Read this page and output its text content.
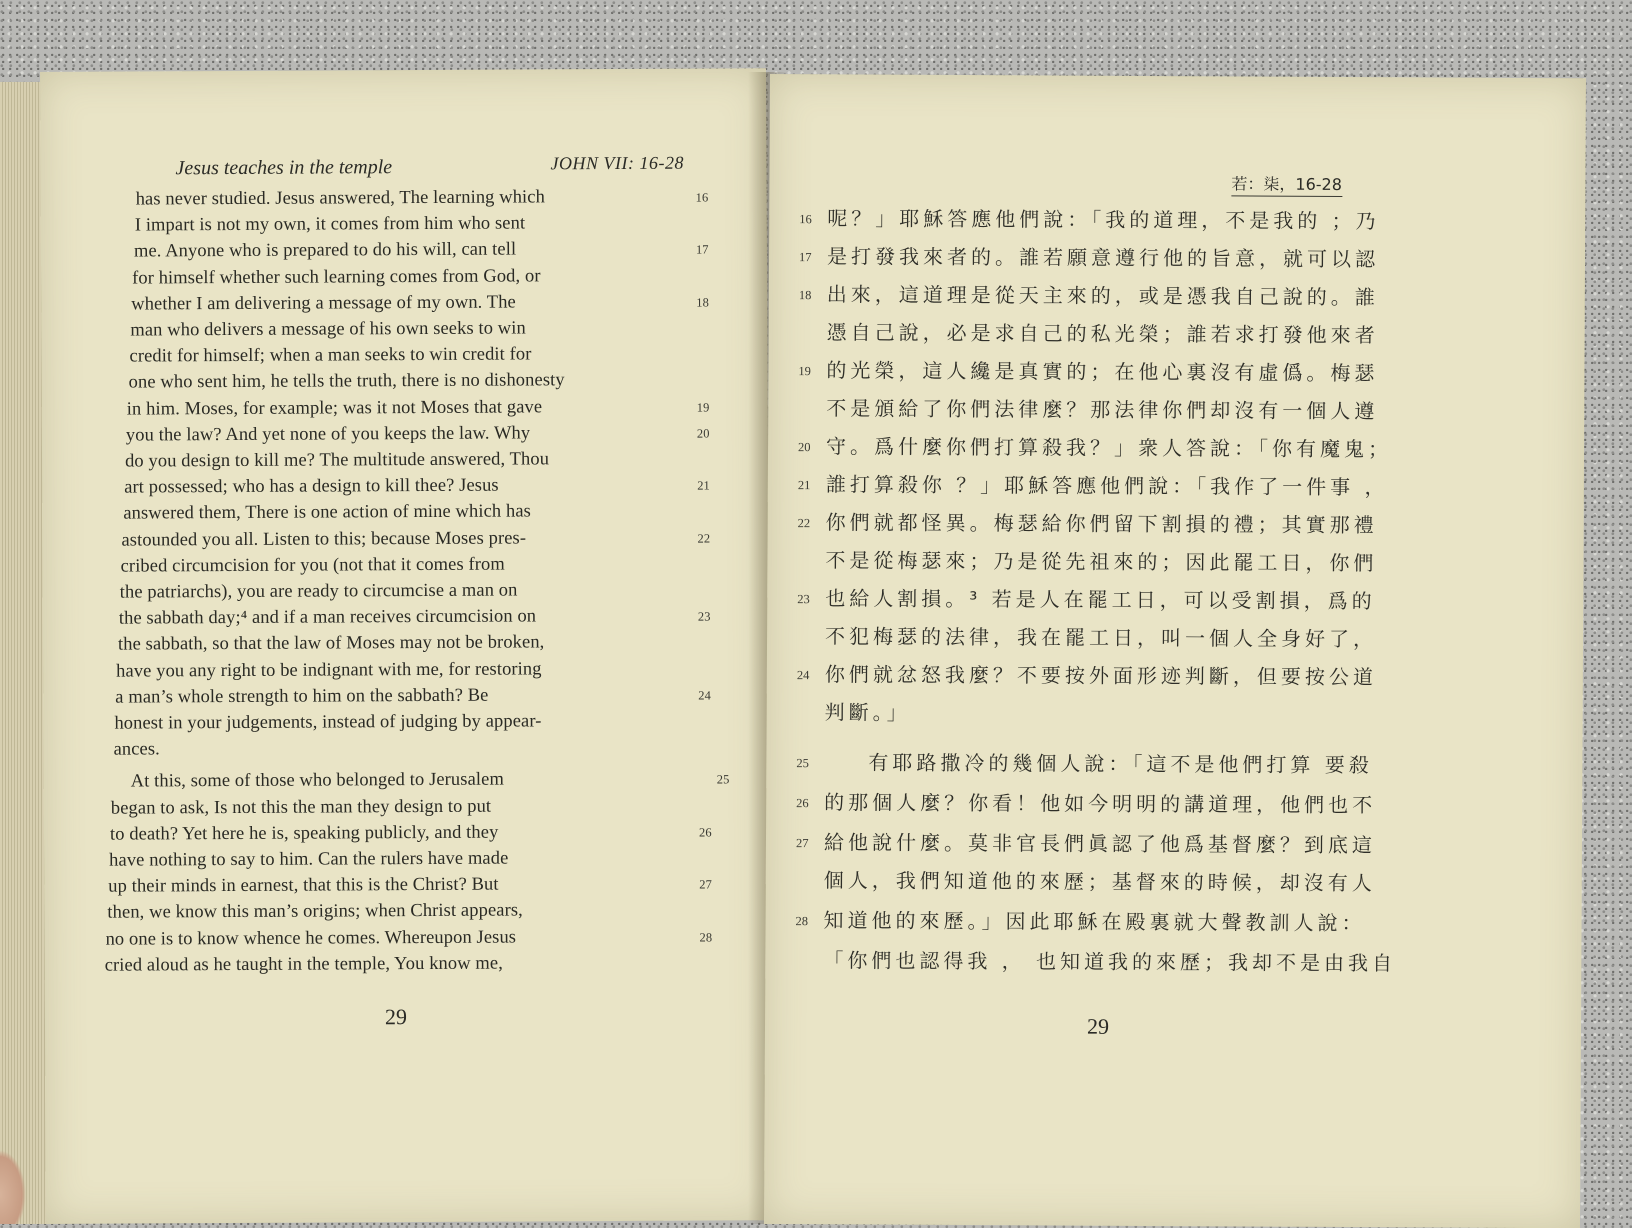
Jesus teaches in the temple	JOHN VII: 16-28
has never studied. Jesus answered, The learning which	16
I impart is not my own, it comes from him who sent
me. Anyone who is prepared to do his will, can tell	17
for himself whether such learning comes from God, or
whether I am delivering a message of my own. The	18
man who delivers a message of his own seeks to win
credit for himself; when a man seeks to win credit for
one who sent him, he tells the truth, there is no dishonesty
in him. Moses, for example; was it not Moses that gave	19
you the law? And yet none of you keeps the law. Why	20
do you design to kill me? The multitude answered, Thou
art possessed; who has a design to kill thee? Jesus	21
answered them, There is one action of mine which has
astounded you all. Listen to this; because Moses pres-	22
cribed circumcision for you (not that it comes from
the patriarchs), you are ready to circumcise a man on
the sabbath day;⁴ and if a man receives circumcision on	23
the sabbath, so that the law of Moses may not be broken,
have you any right to be indignant with me, for restoring
a man’s whole strength to him on the sabbath? Be	24
honest in your judgements, instead of judging by appear-
ances.
At this, some of those who belonged to Jerusalem	25
began to ask, Is not this the man they design to put
to death? Yet here he is, speaking publicly, and they	26
have nothing to say to him. Can the rulers have made
up their minds in earnest, that this is the Christ? But	27
then, we know this man’s origins; when Christ appears,
no one is to know whence he comes. Whereupon Jesus	28
cried aloud as he taught in the temple, You know me,
29
若：柒，16-28
16 呢？」耶穌答應他們說：「我的道理，不是我的 ；乃
17 是打發我來者的。誰若願意遵行他的旨意，就可以認
18 出來，這道理是從天主來的，或是憑我自己說的。誰
憑自己說，必是求自己的私光榮；誰若求打發他來者
19 的光榮，這人纔是真實的；在他心裏沒有虛僞。梅瑟
不是頒給了你們法律麼？那法律你們却沒有一個人遵
20 守。爲什麼你們打算殺我？」衆人答說：「你有魔鬼；
21 誰打算殺你 ？」耶穌答應他們說：「我作了一件事 ，
22 你們就都怪異。梅瑟給你們留下割損的禮；其實那禮
不是從梅瑟來；乃是從先祖來的；因此罷工日，你們
23 也給人割損。³ 若是人在罷工日，可以受割損，爲的
不犯梅瑟的法律，我在罷工日，叫一個人全身好了，
24 你們就忿怒我麼？不要按外面形迹判斷，但要按公道
判斷。」
25	有耶路撒冷的幾個人說：「這不是他們打算 要殺
26 的那個人麼？你看！他如今明明的講道理，他們也不
27 給他說什麼。莫非官長們眞認了他爲基督麼？到底這
個人，我們知道他的來歷；基督來的時候，却沒有人
28 知道他的來歷。」因此耶穌在殿裏就大聲教訓人說：
「你們也認得我 ， 也知道我的來歷；我却不是由我自
29
